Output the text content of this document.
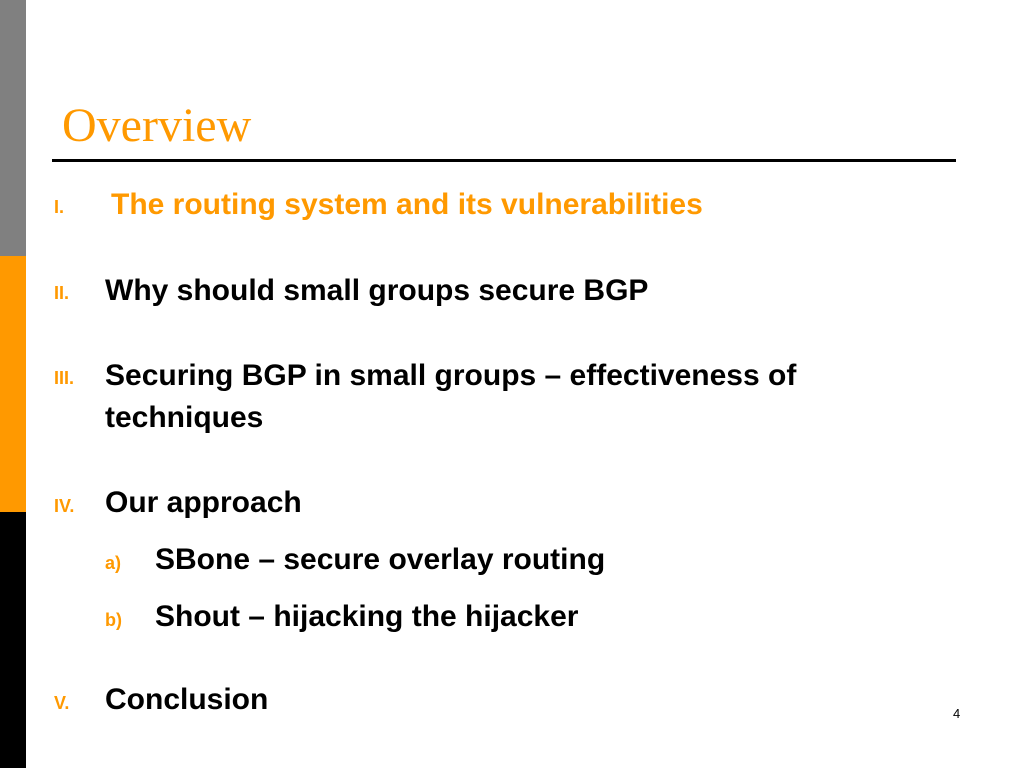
Overview
I. The routing system and its vulnerabilities
II. Why should small groups secure BGP
III. Securing BGP in small groups – effectiveness of
techniques
IV. Our approach
a) SBone – secure overlay routing
b) Shout – hijacking the hijacker
V. Conclusion	4
